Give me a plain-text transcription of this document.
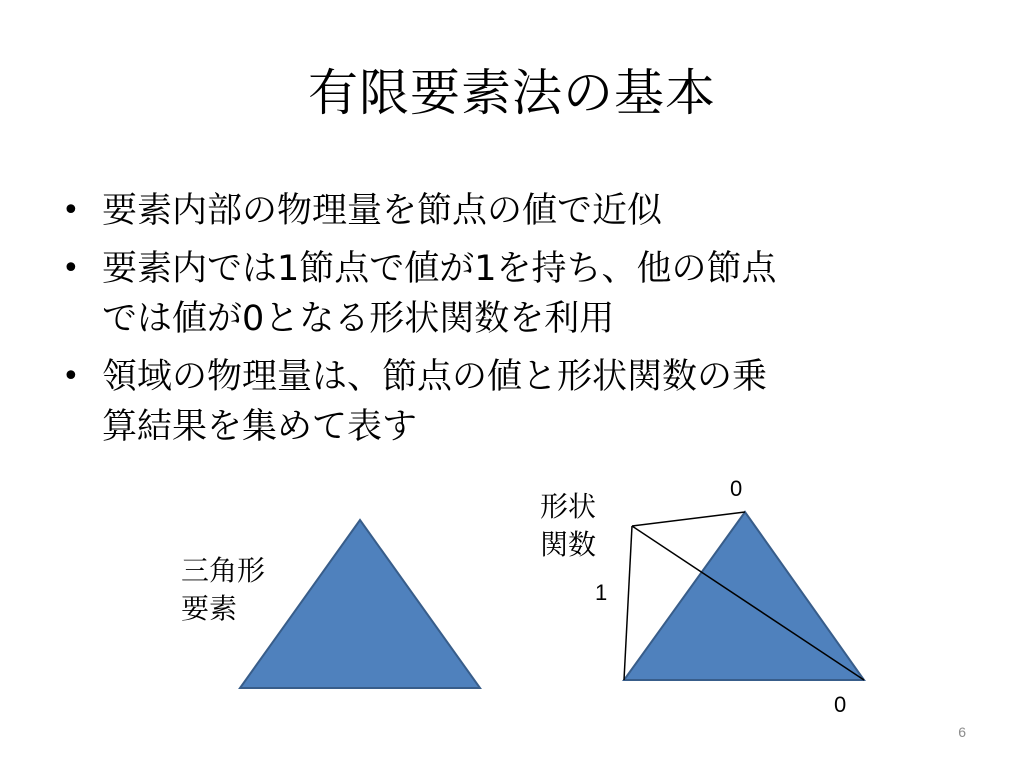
有限要素法の基本
• 要素内部の物理量を節点の値で近似
• 要素内では1節点で値が1を持ち、他の節点
では値が0となる形状関数を利用
• 領域の物理量は、節点の値と形状関数の乗
算結果を集めて表す
三角形
要素
形状
関数
0
1
0
6
